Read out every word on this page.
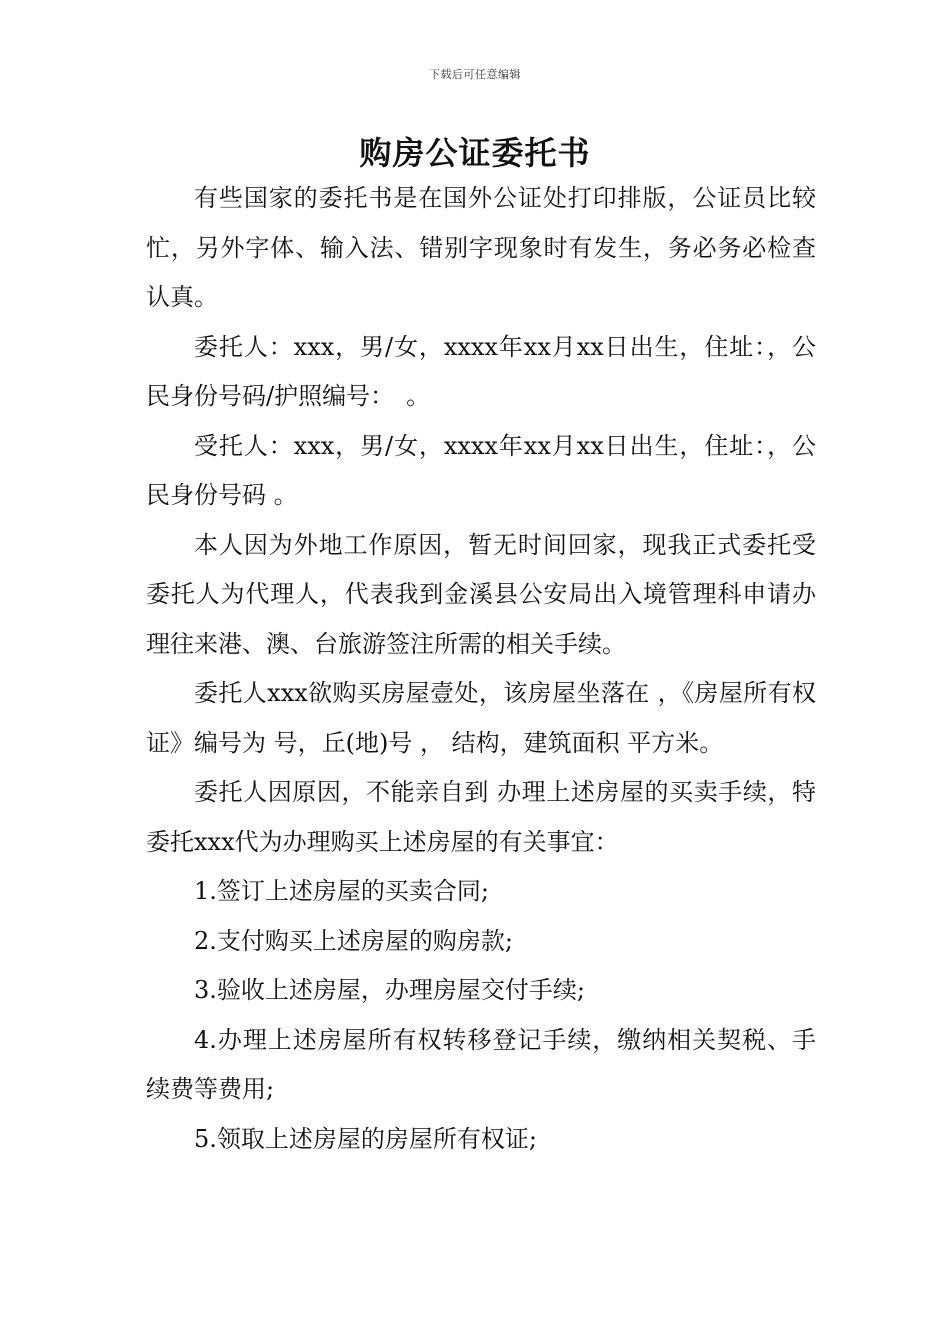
下载后可任意编辑
购房公证委托书

有些国家的委托书是在国外公证处打印排版，公证员比较忙，另外字体、输入法、错别字现象时有发生，务必务必检查认真。

委托人：xxx，男/女，xxxx年xx月xx日出生，住址：，公民身份号码/护照编号：　。

受托人：xxx，男/女，xxxx年xx月xx日出生，住址：，公民身份号码 。

本人因为外地工作原因，暂无时间回家，现我正式委托受委托人为代理人，代表我到金溪县公安局出入境管理科申请办理往来港、澳、台旅游签注所需的相关手续。

委托人xxx欲购买房屋壹处，该房屋坐落在 ，《房屋所有权证》编号为 号，丘(地)号 ， 结构，建筑面积 平方米。

委托人因原因，不能亲自到 办理上述房屋的买卖手续，特委托xxx代为办理购买上述房屋的有关事宜：

1.签订上述房屋的买卖合同;

2.支付购买上述房屋的购房款;

3.验收上述房屋，办理房屋交付手续;

4.办理上述房屋所有权转移登记手续，缴纳相关契税、手续费等费用;

5.领取上述房屋的房屋所有权证;
